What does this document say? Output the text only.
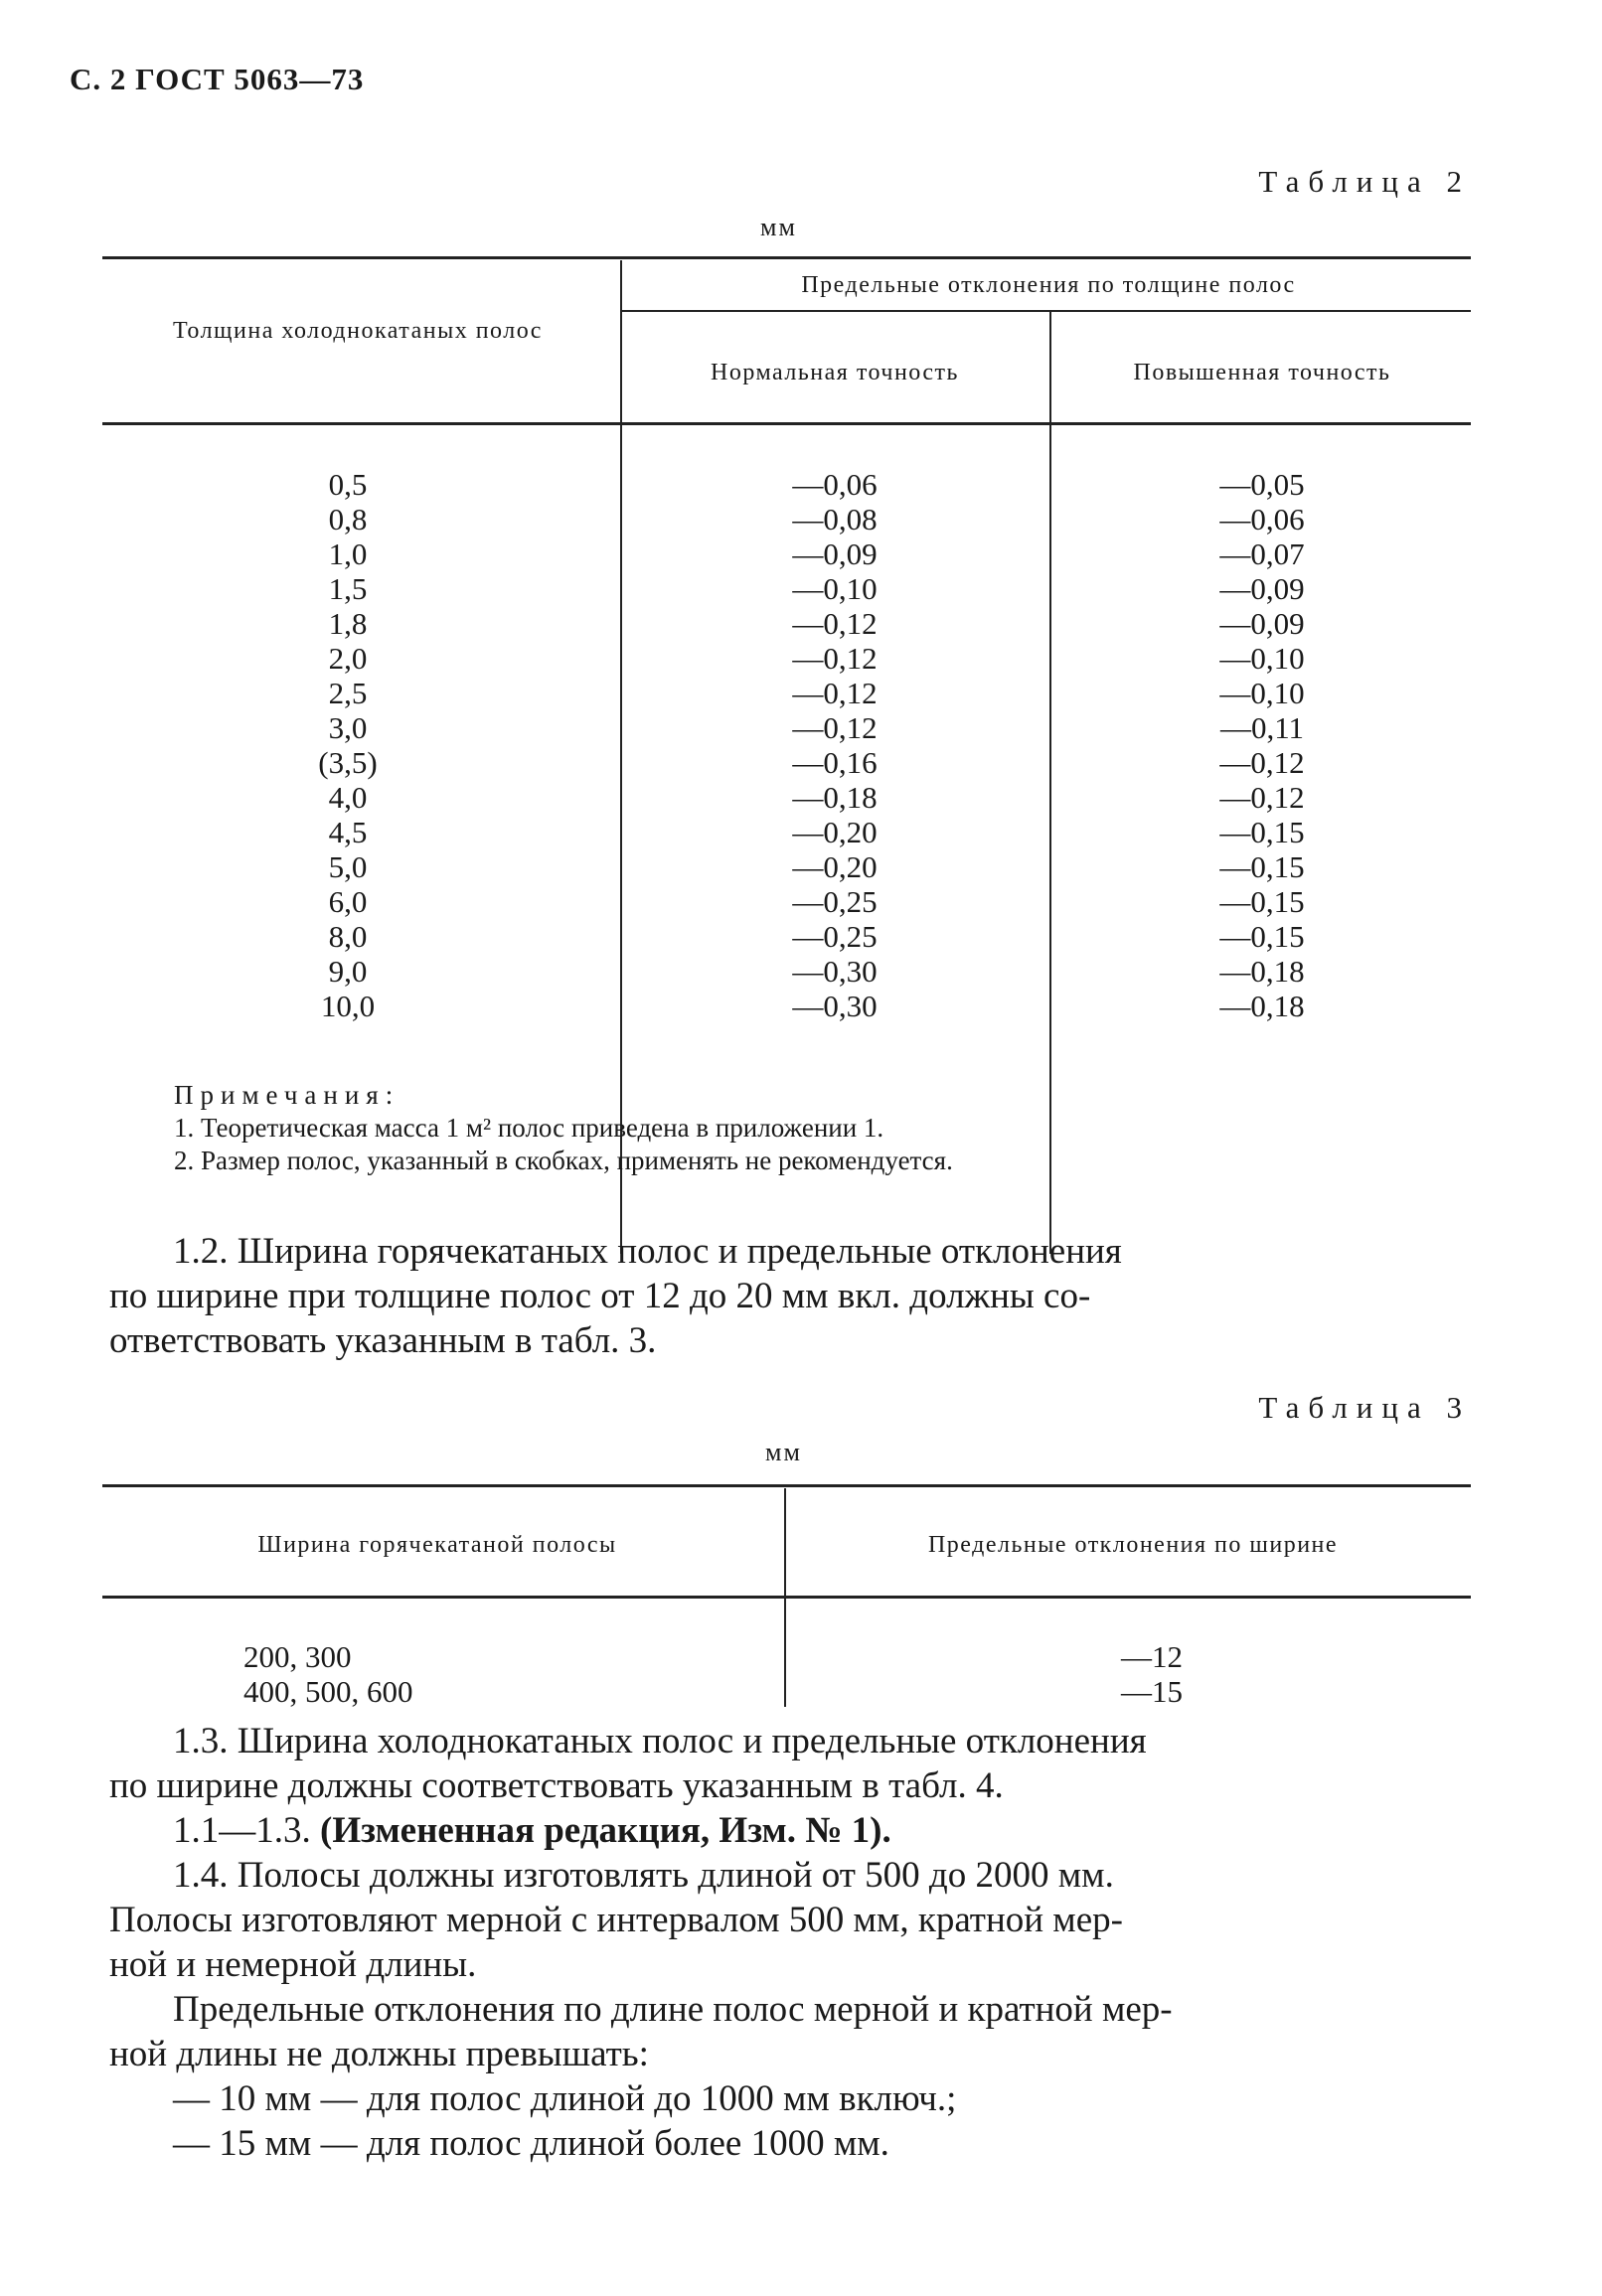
С. 2 ГОСТ 5063—73
Таблица 2
мм
Толщина холоднокатаных полос
Предельные отклонения по толщине полос
Нормальная точность	Повышенная точность
0,5
0,8
1,0
1,5
1,8
2,0
2,5
3,0
(3,5)
4,0
4,5
5,0
6,0
8,0
9,0
10,0
—0,06
—0,08
—0,09
—0,10
—0,12
—0,12
—0,12
—0,12
—0,16
—0,18
—0,20
—0,20
—0,25
—0,25
—0,30
—0,30
—0,05
—0,06
—0,07
—0,09
—0,09
—0,10
—0,10
—0,11
—0,12
—0,12
—0,15
—0,15
—0,15
—0,15
—0,18
—0,18
Примечания:
1. Теоретическая масса 1 м² полос приведена в приложении 1.
2. Размер полос, указанный в скобках, применять не рекомендуется.
1.2. Ширина горячекатаных полос и предельные отклонения
по ширине при толщине полос от 12 до 20 мм вкл. должны со-
ответствовать указанным в табл. 3.
Таблица 3
мм
Ширина горячекатаной полосы	Предельные отклонения по ширине
200, 300
400, 500, 600
—12
—15
1.3. Ширина холоднокатаных полос и предельные отклонения
по ширине должны соответствовать указанным в табл. 4.
1.1—1.3. (Измененная редакция, Изм. № 1).
1.4. Полосы должны изготовлять длиной от 500 до 2000 мм.
Полосы изготовляют мерной с интервалом 500 мм, кратной мер-
ной и немерной длины.
Предельные отклонения по длине полос мерной и кратной мер-
ной длины не должны превышать:
— 10 мм — для полос длиной до 1000 мм включ.;
— 15 мм — для полос длиной более 1000 мм.
